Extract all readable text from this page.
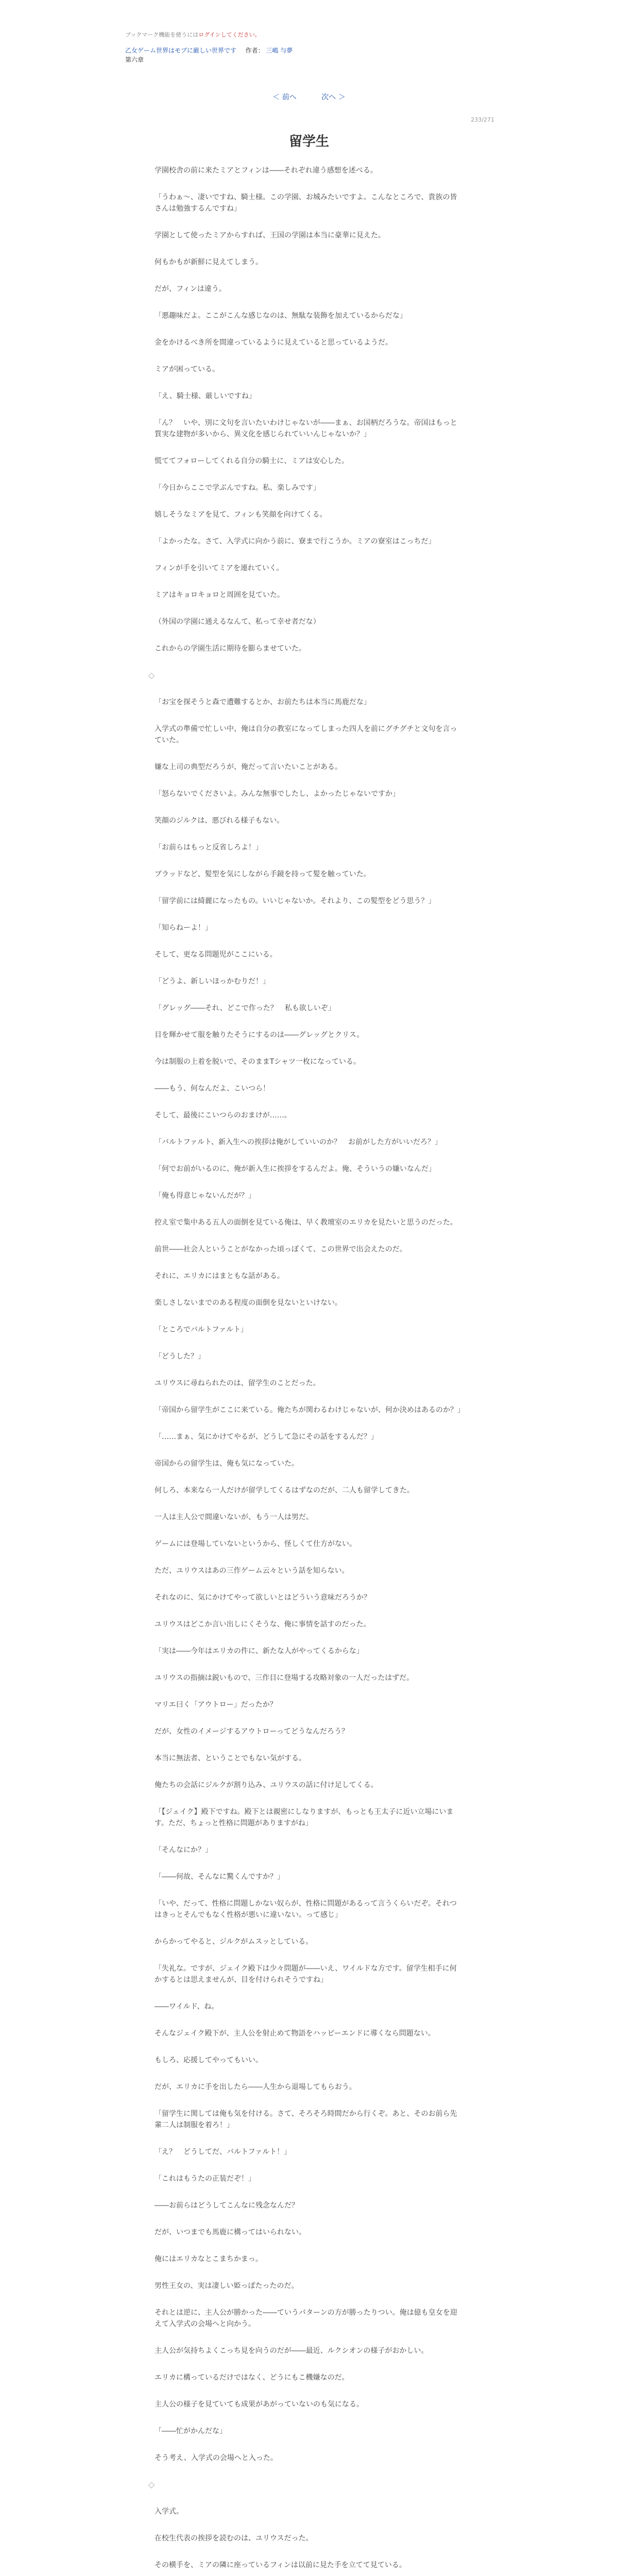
ブックマーク機能を使うにはログインしてください。
乙女ゲーム世界はモブに厳しい世界です 作者： 三嶋 与夢
第六章
＜ 前へ	次へ ＞
233/271
留学生

学園校舎の前に来たミアとフィンは――それぞれ違う感想を述べる。

「うわぁ～、凄いですね、騎士様。この学園、お城みたいですよ。こんなところで、貴族の皆さんは勉強するんですね」

学園として使ったミアからすれば、王国の学園は本当に豪華に見えた。

何もかもが新鮮に見えてしまう。

だが、フィンは違う。

「悪趣味だよ。ここがこんな感じなのは、無駄な装飾を加えているからだな」

金をかけるべき所を間違っているように見えていると思っているようだ。

ミアが困っている。

「え、騎士様、厳しいですね」

「ん？　いや、別に文句を言いたいわけじゃないが――まぁ、お国柄だろうな。帝国はもっと質実な建物が多いから、異文化を感じられていいんじゃないか？」

慌ててフォローしてくれる自分の騎士に、ミアは安心した。

「今日からここで学ぶんですね。私、楽しみです」

嬉しそうなミアを見て、フィンも笑顔を向けてくる。

「よかったな。さて、入学式に向かう前に、寮まで行こうか。ミアの寮室はこっちだ」

フィンが手を引いてミアを連れていく。

ミアはキョロキョロと周囲を見ていた。

（外国の学園に通えるなんて、私って幸せ者だな）

これからの学園生活に期待を膨らませていた。

◇

「お宝を探そうと森で遭難するとか、お前たちは本当に馬鹿だな」

入学式の準備で忙しい中、俺は自分の教室になってしまった四人を前にグチグチと文句を言っていた。

嫌な上司の典型だろうが、俺だって言いたいことがある。

「怒らないでくださいよ。みんな無事でしたし、よかったじゃないですか」

笑顔のジルクは、悪びれる様子もない。

「お前らはもっと反省しろよ！」

ブラッドなど、髪型を気にしながら手鏡を持って髪を触っていた。

「留学前には綺麗になったもの。いいじゃないか。それより、この髪型をどう思う？」

「知らねーよ！」

そして、更なる問題児がここにいる。

「どうよ、新しいほっかむりだ！」

「グレッグ――それ、どこで作った？　私も欲しいぞ」

目を輝かせて服を触りたそうにするのは――グレッグとクリス。

今は制服の上着を脱いで、そのままTシャツ一枚になっている。

――もう、何なんだよ、こいつら！

そして、最後にこいつらのおまけが……。

「バルトファルト、新入生への挨拶は俺がしていいのか？　お前がした方がいいだろ？」

「何でお前がいるのに、俺が新入生に挨拶をするんだよ。俺、そういうの嫌いなんだ」

「俺も得意じゃないんだが？」

控え室で集中ある五人の面倒を見ている俺は、早く教壇室のエリカを見たいと思うのだった。

前世――社会人ということがなかった頃っぽくて、この世界で出会えたのだ。

それに、エリカにはまともな話がある。

楽しさしないまでのある程度の面倒を見ないといけない。

「ところでバルトファルト」

「どうした？」

ユリウスに尋ねられたのは、留学生のことだった。

「帝国から留学生がここに来ている。俺たちが関わるわけじゃないが、何か決めはあるのか？」

「……まぁ、気にかけてやるが、どうして急にその話をするんだ？」

帝国からの留学生は、俺も気になっていた。

何しろ、本来なら一人だけが留学してくるはずなのだが、二人も留学してきた。

一人は主人公で間違いないが、もう一人は男だ。

ゲームには登場していないというから、怪しくて仕方がない。

ただ、ユリウスはあの三作ゲーム云々という話を知らない。

それなのに、気にかけてやって欲しいとはどういう意味だろうか？

ユリウスはどこか言い出しにくそうな、俺に事情を話すのだった。

「実は――今年はエリカの件に、新たな人がやってくるからな」

ユリウスの指摘は鋭いもので、三作目に登場する攻略対象の一人だったはずだ。

マリエ曰く「アウトロー」だったか？

だが、女性のイメージするアウトローってどうなんだろう？

本当に無法者、ということでもない気がする。

俺たちの会話にジルクが割り込み、ユリウスの話に付け足してくる。

「【ジェイク】殿下ですね。殿下とは親密にしなりますが、もっとも王太子に近い立場にいます。ただ、ちょっと性格に問題がありますがね」

「そんなにか？」

「――何故、そんなに驚くんですか？」

「いや、だって、性格に問題しかない奴らが、性格に問題があるって言うくらいだぞ。それつはきっとそんでもなく性格が悪いに違いない。って感じ」

からかってやると、ジルクがムスッとしている。

「失礼な。ですが、ジェイク殿下は少々問題が――いえ、ワイルドな方です。留学生相手に何かするとは思えませんが、目を付けられそうですね」

――ワイルド、ね。

そんなジェイク殿下が、主人公を射止めて物語をハッピーエンドに導くなら問題ない。

もしろ、応援してやってもいい。

だが、エリカに手を出したら――人生から退場してもらおう。

「留学生に関しては俺も気を付ける。さて、そろそろ時間だから行くぞ。あと、そのお前ら先輩二人は制服を着ろ！」

「え？　どうしてだ、バルトファルト！」

「これはもうたの正装だぞ！」

――お前らはどうしてこんなに残念なんだ？

だが、いつまでも馬鹿に構ってはいられない。

俺にはエリカなとこまちかまっ。

男性王女の、実は凄しい姫っぽたったのだ。

それとは逆に、主人公が勝かった――ていうパターンの方が勝ったりつい。俺は億も皇女を迎えて入学式の会場へと向かう。

主人公が気持ちよくこっち見を向うのだが――最近、ルクシオンの様子がおかしい。

エリカに構っているだけではなく、どうにもこ機嫌なのだ。

主人公の様子を見ていても成果があがっていないのも気になる。

「――忙がかんだな」

そう考え、入学式の会場へと入った。

◇

入学式。

在校生代表の挨拶を読むのは、ユリウスだった。

その横手を、ミアの隣に座っているフィンは以前に見た手を立てて見ている。
